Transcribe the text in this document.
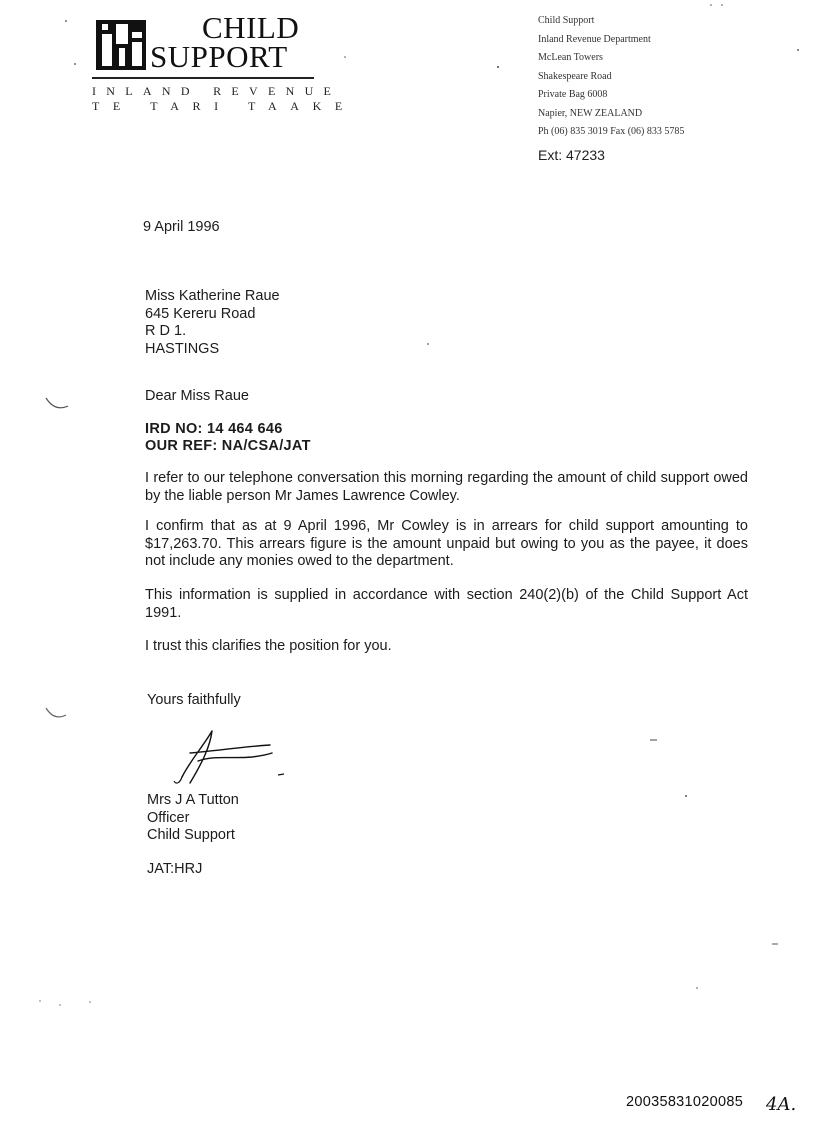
CHILD
SUPPORT
INLAND REVENUE
TE TARI TAAKE
Child Support
Inland Revenue Department
McLean Towers
Shakespeare Road
Private Bag 6008
Napier, NEW ZEALAND
Ph (06) 835 3019 Fax (06) 833 5785
Ext: 47233
9 April 1996
Miss Katherine Raue
645 Kereru Road
R D 1.
HASTINGS
Dear Miss Raue
IRD NO: 14 464 646
OUR REF: NA/CSA/JAT
I refer to our telephone conversation this morning regarding the amount of child support owed by the liable person Mr James Lawrence Cowley.
I confirm that as at 9 April 1996, Mr Cowley is in arrears for child support amounting to $17,263.70. This arrears figure is the amount unpaid but owing to you as the payee, it does not include any monies owed to the department.
This information is supplied in accordance with section 240(2)(b) of the Child Support Act 1991.
I trust this clarifies the position for you.
Yours faithfully
Mrs J A Tutton
Officer
Child Support
JAT:HRJ
20035831020085 4A.
